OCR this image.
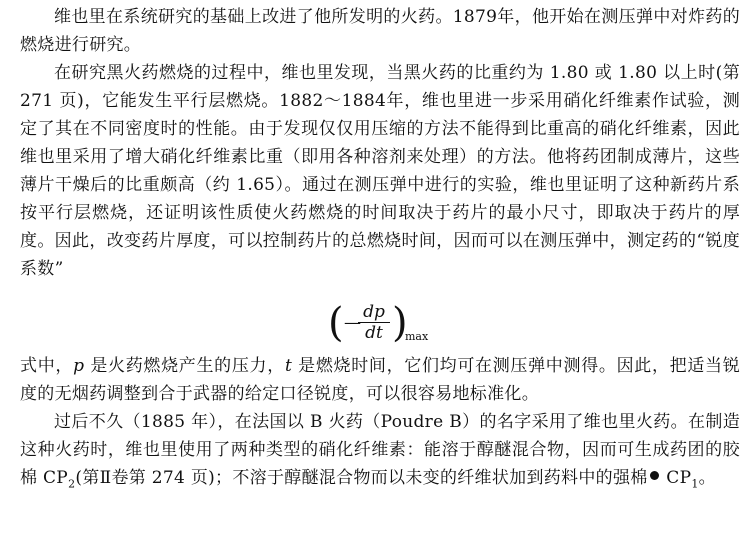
维也里在系统研究的基础上改进了他所发明的火药。1879年，他开始在测压弹中对炸药的燃烧进行研究。

在研究黑火药燃烧的过程中，维也里发现，当黑火药的比重约为 1.80 或 1.80 以上时(第 271 页)，它能发生平行层燃烧。1882～1884年，维也里进一步采用硝化纤维素作试验，测定了其在不同密度时的性能。由于发现仅仅用压缩的方法不能得到比重高的硝化纤维素，因此维也里采用了增大硝化纤维素比重（即用各种溶剂来处理）的方法。他将药团制成薄片，这些薄片干燥后的比重颇高（约 1.65）。通过在测压弹中进行的实验，维也里证明了这种新药片系按平行层燃烧，还证明该性质使火药燃烧的时间取决于药片的最小尺寸，即取决于药片的厚度。因此，改变药片厚度，可以控制药片的总燃烧时间，因而可以在测压弹中，测定药的“锐度系数”

( —
$\frac{dp}{dt}$ )
max

式中，p 是火药燃烧产生的压力，t 是燃烧时间，它们均可在测压弹中测得。因此，把适当锐度的无烟药调整到合于武器的给定口径锐度，可以很容易地标准化。

过后不久（1885 年），在法国以 B 火药（Poudre B）的名字采用了维也里火药。在制造这种火药时，维也里使用了两种类型的硝化纤维素：能溶于醇醚混合物，因而可生成药团的胶棉 $CP_2$(第Ⅱ卷第 274 页)；不溶于醇醚混合物而以未变的纤维状加到药料中的强棉 $CP_1$。
